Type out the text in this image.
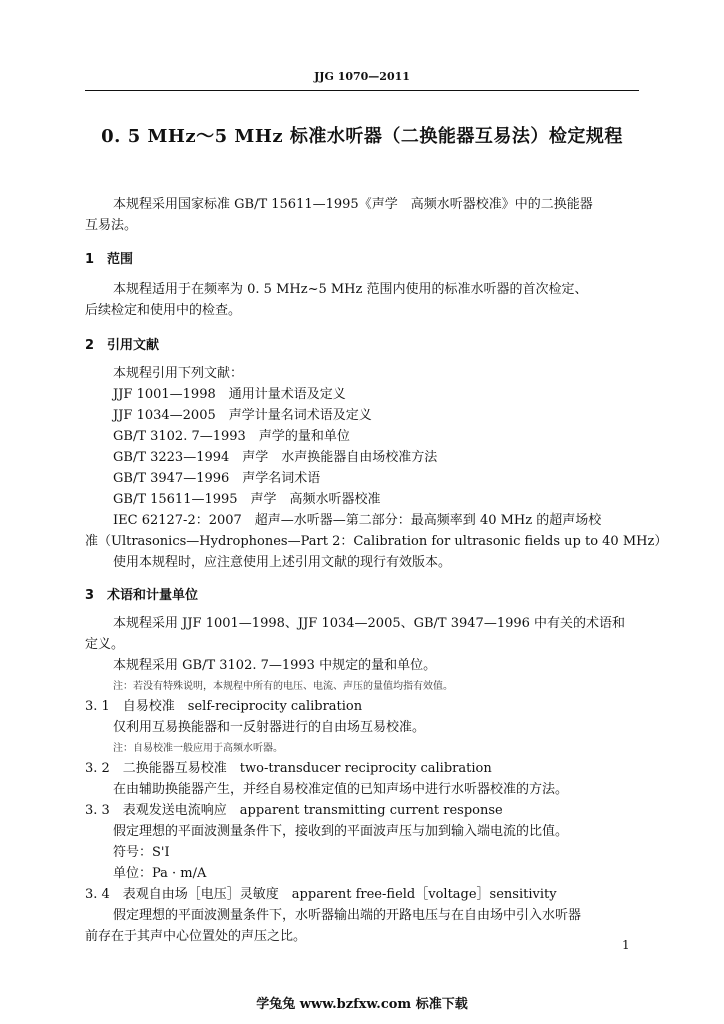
JJG 1070—2011
0. 5 MHz～5 MHz 标准水听器（二换能器互易法）检定规程
本规程采用国家标准 GB/T 15611—1995《声学　高频水听器校准》中的二换能器
互易法。
1　范围
本规程适用于在频率为 0. 5 MHz~5 MHz 范围内使用的标准水听器的首次检定、
后续检定和使用中的检查。
2　引用文献
本规程引用下列文献：
JJF 1001—1998　通用计量术语及定义
JJF 1034—2005　声学计量名词术语及定义
GB/T 3102. 7—1993　声学的量和单位
GB/T 3223—1994　声学　水声换能器自由场校准方法
GB/T 3947—1996　声学名词术语
GB/T 15611—1995　声学　高频水听器校准
IEC 62127-2：2007　超声—水听器—第二部分：最高频率到 40 MHz 的超声场校
准（Ultrasonics—Hydrophones—Part 2：Calibration for ultrasonic fields up to 40 MHz）
使用本规程时，应注意使用上述引用文献的现行有效版本。
3　术语和计量单位
本规程采用 JJF 1001—1998、JJF 1034—2005、GB/T 3947—1996 中有关的术语和
定义。
本规程采用 GB/T 3102. 7—1993 中规定的量和单位。
注：若没有特殊说明，本规程中所有的电压、电流、声压的量值均指有效值。
3. 1　自易校准　self-reciprocity calibration
仅利用互易换能器和一反射器进行的自由场互易校准。
注：自易校准一般应用于高频水听器。
3. 2　二换能器互易校准　two-transducer reciprocity calibration
在由辅助换能器产生，并经自易校准定值的已知声场中进行水听器校准的方法。
3. 3　表观发送电流响应　apparent transmitting current response
假定理想的平面波测量条件下，接收到的平面波声压与加到输入端电流的比值。
符号：S'I
单位：Pa · m/A
3. 4　表观自由场［电压］灵敏度　apparent free-field［voltage］sensitivity
假定理想的平面波测量条件下，水听器输出端的开路电压与在自由场中引入水听器
前存在于其声中心位置处的声压之比。
1
学兔兔 www.bzfxw.com 标准下载
